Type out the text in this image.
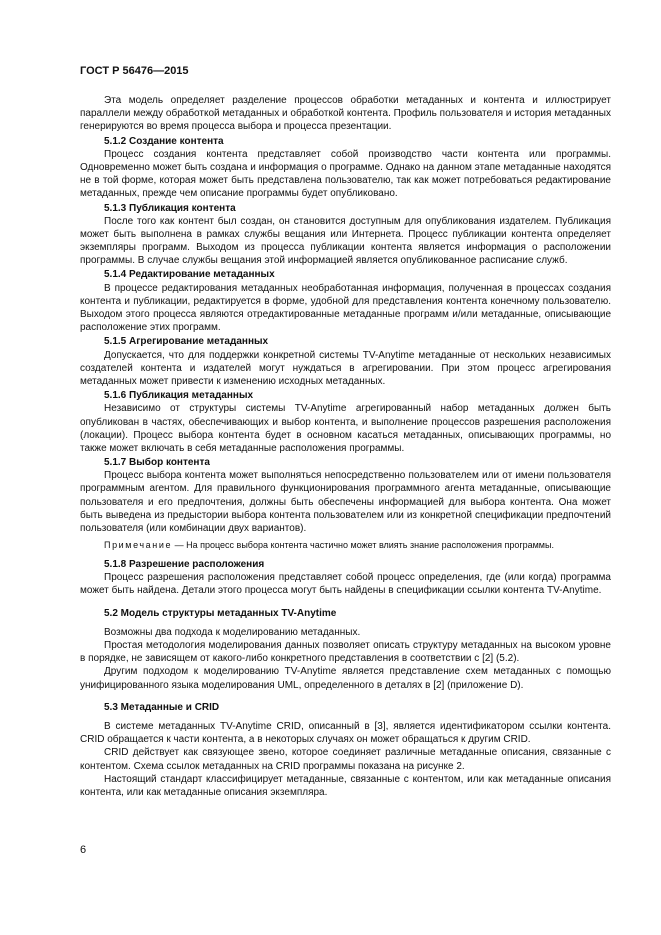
ГОСТ Р 56476—2015

Эта модель определяет разделение процессов обработки метаданных и контента и иллюстрирует параллели между обработкой метаданных и обработкой контента. Профиль пользователя и история метаданных генерируются во время процесса выбора и процесса презентации.

5.1.2 Создание контента

Процесс создания контента представляет собой производство части контента или программы. Одновременно может быть создана и информация о программе. Однако на данном этапе метаданные находятся не в той форме, которая может быть представлена пользователю, так как может потребоваться редактирование метаданных, прежде чем описание программы будет опубликовано.

5.1.3 Публикация контента

После того как контент был создан, он становится доступным для опубликования издателем. Публикация может быть выполнена в рамках службы вещания или Интернета. Процесс публикации контента определяет экземпляры программ. Выходом из процесса публикации контента является информация о расположении программы. В случае службы вещания этой информацией является опубликованное расписание служб.

5.1.4 Редактирование метаданных

В процессе редактирования метаданных необработанная информация, полученная в процессах создания контента и публикации, редактируется в форме, удобной для представления контента конечному пользователю. Выходом этого процесса являются отредактированные метаданные программ и/или метаданные, описывающие расположение этих программ.

5.1.5 Агрегирование метаданных

Допускается, что для поддержки конкретной системы TV-Anytime метаданные от нескольких независимых создателей контента и издателей могут нуждаться в агрегировании. При этом процесс агрегирования метаданных может привести к изменению исходных метаданных.

5.1.6 Публикация метаданных

Независимо от структуры системы TV-Anytime агрегированный набор метаданных должен быть опубликован в частях, обеспечивающих и выбор контента, и выполнение процессов разрешения расположения (локации). Процесс выбора контента будет в основном касаться метаданных, описывающих программы, но также может включать в себя метаданные расположения программы.

5.1.7 Выбор контента

Процесс выбора контента может выполняться непосредственно пользователем или от имени пользователя программным агентом. Для правильного функционирования программного агента метаданные, описывающие пользователя и его предпочтения, должны быть обеспечены информацией для выбора контента. Она может быть выведена из предыстории выбора контента пользователем или из конкретной спецификации предпочтений пользователя (или комбинации двух вариантов).

Примечание — На процесс выбора контента частично может влиять знание расположения программы.
5.1.8 Разрешение расположения

Процесс разрешения расположения представляет собой процесс определения, где (или когда) программа может быть найдена. Детали этого процесса могут быть найдены в спецификации ссылки контента TV-Anytime.

5.2 Модель структуры метаданных TV-Anytime

Возможны два подхода к моделированию метаданных.

Простая методология моделирования данных позволяет описать структуру метаданных на высоком уровне в порядке, не зависящем от какого-либо конкретного представления в соответствии с [2] (5.2).

Другим подходом к моделированию TV-Anytime является представление схем метаданных с помощью унифицированного языка моделирования UML, определенного в деталях в [2] (приложение D).

5.3 Метаданные и CRID

В системе метаданных TV-Anytime CRID, описанный в [3], является идентификатором ссылки контента. CRID обращается к части контента, а в некоторых случаях он может обращаться к другим CRID.

CRID действует как связующее звено, которое соединяет различные метаданные описания, связанные с контентом. Схема ссылок метаданных на CRID программы показана на рисунке 2.

Настоящий стандарт классифицирует метаданные, связанные с контентом, или как метаданные описания контента, или как метаданные описания экземпляра.

6
